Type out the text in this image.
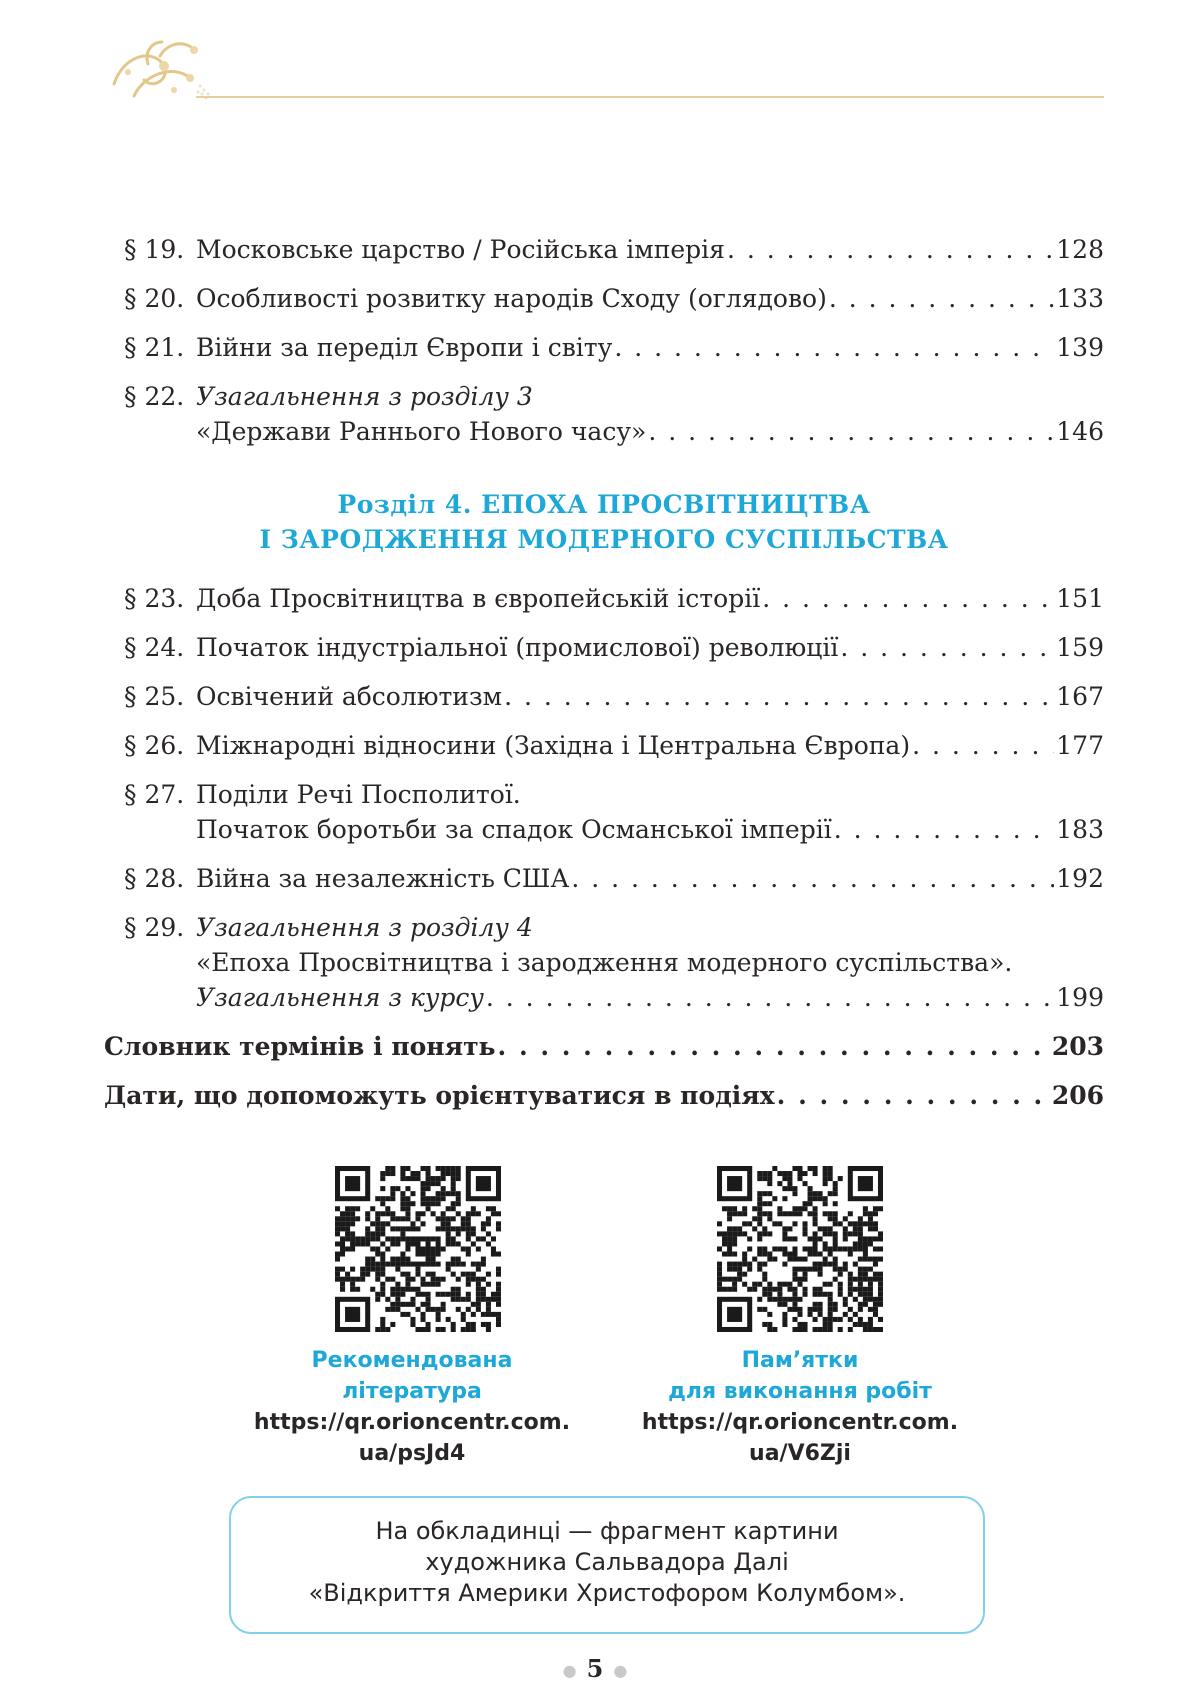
§ 19. Московське царство / Російська імперія . . .	128
§ 20. Особливості розвитку народів Сходу (оглядово) . . .	133
§ 21. Війни за переділ Європи і світу . . .	139
§ 22. Узагальнення з розділу 3
«Держави Раннього Нового часу» . . .	146
Розділ 4. ЕПОХА ПРОСВІТНИЦТВА
І ЗАРОДЖЕННЯ МОДЕРНОГО СУСПІЛЬСТВА
§ 23. Доба Просвітництва в європейській історії . . .	151
§ 24. Початок індустріальної (промислової) революції . . .	159
§ 25. Освічений абсолютизм . . .	167
§ 26. Міжнародні відносини (Західна і Центральна Європа) . . .	177
§ 27. Поділи Речі Посполитої.
Початок боротьби за спадок Османської імперії . . .	183
§ 28. Війна за незалежність США . . .	192
§ 29. Узагальнення з розділу 4
«Епоха Просвітництва і зародження модерного суспільства».
Узагальнення з курсу . . .	199
Словник термінів і понять . . .	203
Дати, що допоможуть орієнтуватися в подіях . . .	206
Рекомендована
література
https://qr.orioncentr.com.
ua/psJd4
Пам’ятки
для виконання робіт
https://qr.orioncentr.com.
ua/V6Zji
На обкладинці — фрагмент картини
художника Сальвадора Далі
«Відкриття Америки Христофором Колумбом».
● 5 ●
